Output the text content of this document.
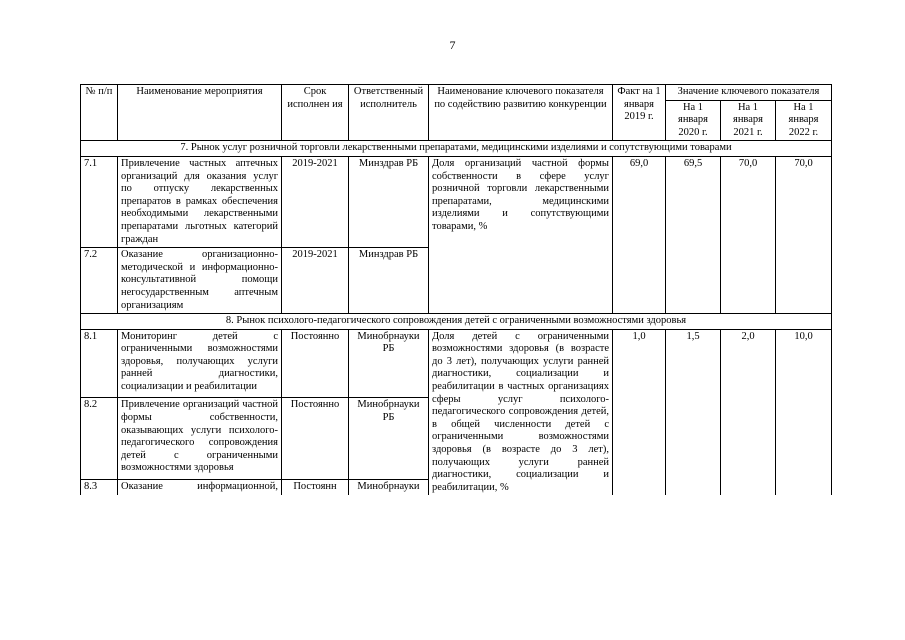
7
№ п/п	Наименование мероприятия	Срок исполнен ия	Ответственный исполнитель	Наименование ключевого показателя по содействию развитию конкуренции	Факт на 1 января 2019 г.	Значение ключевого показателя		
						На 1 января 2020 г.	На 1 января 2021 г.	На 1 января 2022 г.
7. Рынок услуг розничной торговли лекарственными препаратами, медицинскими изделиями и сопутствующими товарами								
7.1	Привлечение частных аптечных организаций для оказания услуг по отпуску лекарственных препаратов в рамках обеспечения необходимыми лекарственными препаратами льготных категорий граждан	2019-2021	Минздрав РБ	Доля организаций частной формы собственности в сфере услуг розничной торговли лекарственными препаратами, медицинскими изделиями и сопутствующими товарами, %	69,0	69,5	70,0	70,0
7.2	Оказание организационно-методической и информационно-консультативной помощи негосударственным аптечным организациям	2019-2021	Минздрав РБ					
8. Рынок психолого-педагогического сопровождения детей с ограниченными возможностями здоровья								
8.1	Мониторинг детей с ограниченными возможностями здоровья, получающих услуги ранней диагностики, социализации и реабилитации	Постоянно	Минобрнауки РБ	Доля детей с ограниченными возможностями здоровья (в возрасте до 3 лет), получающих услуги ранней диагностики, социализации и реабилитации в частных организациях сферы услуг психолого-педагогического сопровождения детей, в общей численности детей с ограниченными возможностями здоровья (в возрасте до 3 лет), получающих услуги ранней диагностики, социализации и реабилитации, %	1,0	1,5	2,0	10,0
8.2	Привлечение организаций частной формы собственности, оказывающих услуги психолого-педагогического сопровождения детей с ограниченными возможностями здоровья	Постоянно	Минобрнауки РБ					
8.3	Оказание информационной,	Постоянн	Минобрнауки					
